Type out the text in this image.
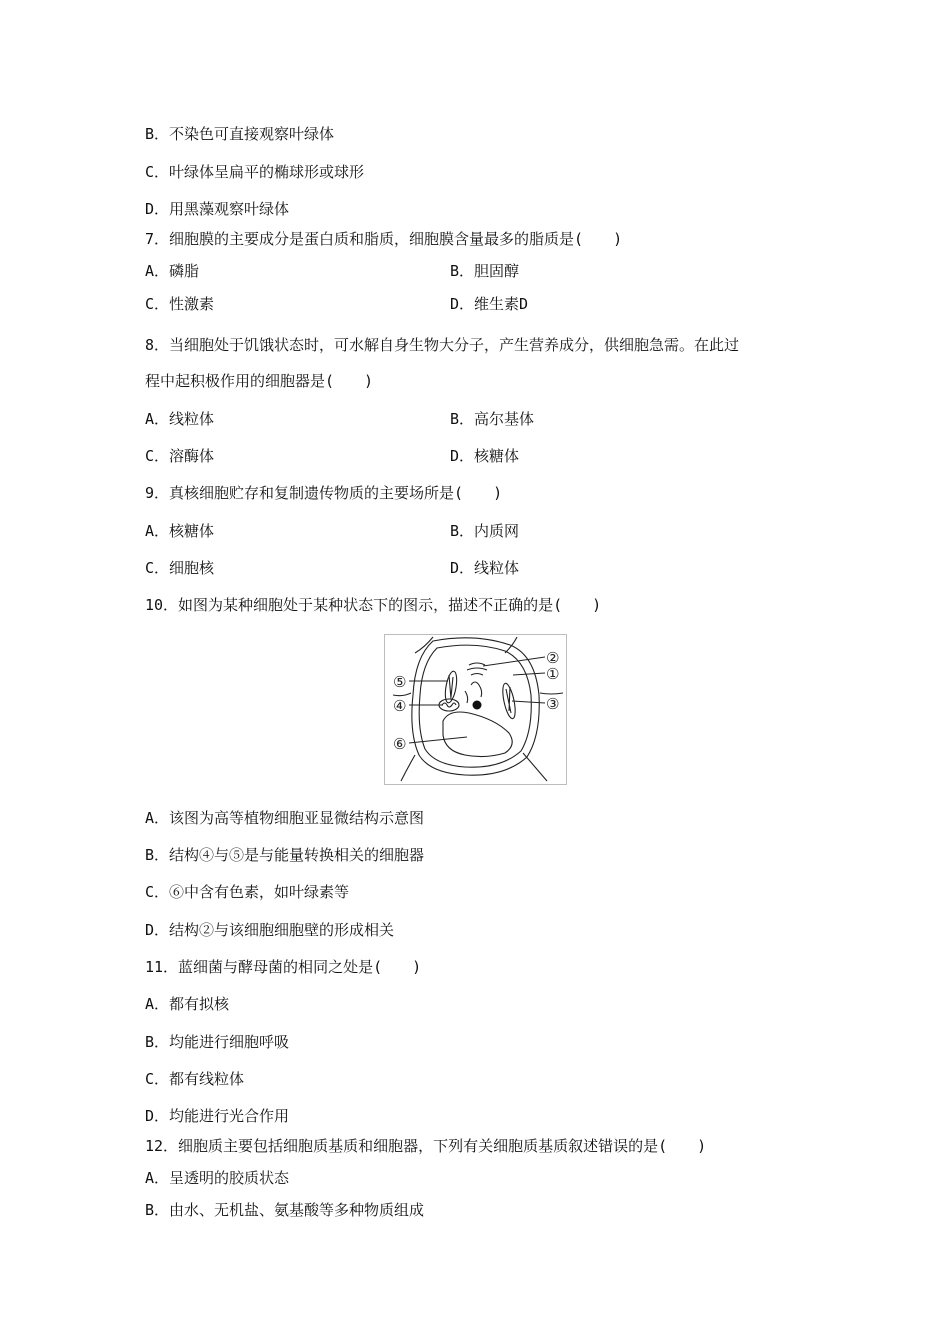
B．不染色可直接观察叶绿体
C．叶绿体呈扁平的椭球形或球形
D．用黑藻观察叶绿体
7．细胞膜的主要成分是蛋白质和脂质，细胞膜含量最多的脂质是(　　)
A．磷脂	B．胆固醇
C．性激素	D．维生素D
8．当细胞处于饥饿状态时，可水解自身生物大分子，产生营养成分，供细胞急需。在此过
程中起积极作用的细胞器是(　　)
A．线粒体	B．高尔基体
C．溶酶体	D．核糖体
9．真核细胞贮存和复制遗传物质的主要场所是(　　)
A．核糖体	B．内质网
C．细胞核	D．线粒体
10．如图为某种细胞处于某种状态下的图示，描述不正确的是(　　)
②
①
③
④
⑤
⑥
A．该图为高等植物细胞亚显微结构示意图
B．结构④与⑤是与能量转换相关的细胞器
C．⑥中含有色素，如叶绿素等
D．结构②与该细胞细胞壁的形成相关
11．蓝细菌与酵母菌的相同之处是(　　)
A．都有拟核
B．均能进行细胞呼吸
C．都有线粒体
D．均能进行光合作用
12．细胞质主要包括细胞质基质和细胞器，下列有关细胞质基质叙述错误的是(　　)
A．呈透明的胶质状态
B．由水、无机盐、氨基酸等多种物质组成
